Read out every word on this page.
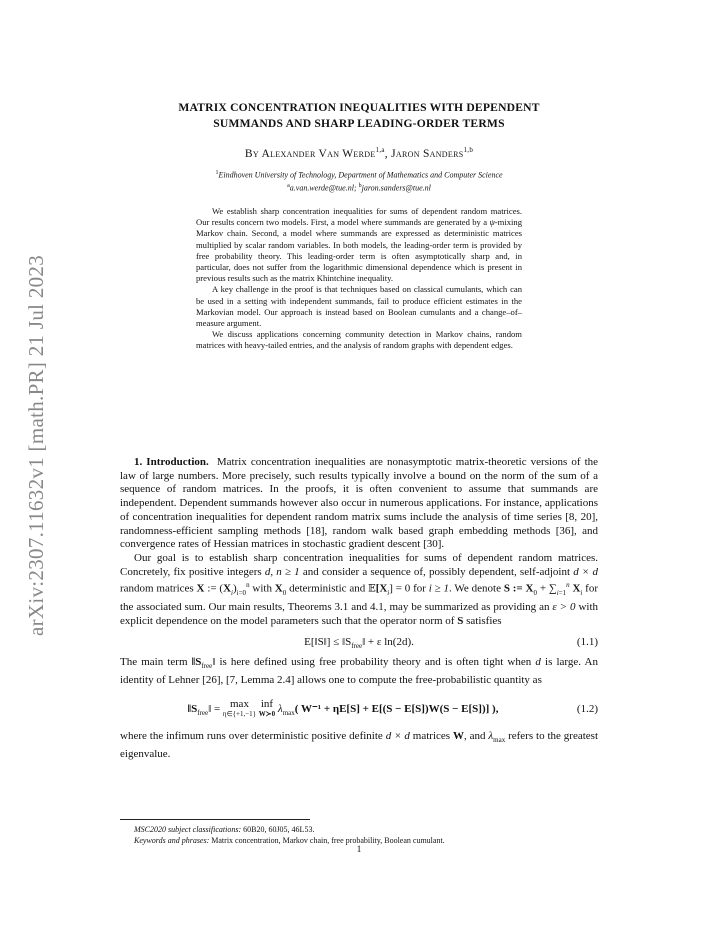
arXiv:2307.11632v1 [math.PR] 21 Jul 2023
MATRIX CONCENTRATION INEQUALITIES WITH DEPENDENT
SUMMANDS AND SHARP LEADING-ORDER TERMS
By Alexander Van Werde$^{1,a}$, Jaron Sanders$^{1,b}$
$^1$Eindhoven University of Technology, Department of Mathematics and Computer Science
$^a$a.van.werde@tue.nl; $^b$jaron.sanders@tue.nl

We establish sharp concentration inequalities for sums of dependent random matrices. Our results concern two models. First, a model where summands are generated by a ψ-mixing Markov chain. Second, a model where summands are expressed as deterministic matrices multiplied by scalar random variables. In both models, the leading-order term is provided by free probability theory. This leading-order term is often asymptotically sharp and, in particular, does not suffer from the logarithmic dimensional dependence which is present in previous results such as the matrix Khintchine inequality.

A key challenge in the proof is that techniques based on classical cumulants, which can be used in a setting with independent summands, fail to produce efficient estimates in the Markovian model. Our approach is instead based on Boolean cumulants and a change–of–measure argument.

We discuss applications concerning community detection in Markov chains, random matrices with heavy-tailed entries, and the analysis of random graphs with dependent edges.

1. Introduction. Matrix concentration inequalities are nonasymptotic matrix-theoretic versions of the law of large numbers. More precisely, such results typically involve a bound on the norm of the sum of a sequence of random matrices. In the proofs, it is often convenient to assume that summands are independent. Dependent summands however also occur in numerous applications. For instance, applications of concentration inequalities for dependent random matrix sums include the analysis of time series [8, 20], randomness-efficient sampling methods [18], random walk based graph embedding methods [36], and convergence rates of Hessian matrices in stochastic gradient descent [30].

Our goal is to establish sharp concentration inequalities for sums of dependent random matrices. Concretely, fix positive integers d, n ≥ 1 and consider a sequence of, possibly dependent, self-adjoint d × d random matrices X := $(X_i)_{i=0}^n$ with $X_0$ deterministic and $𝔼[X_i] = 0$ for i ≥ 1. We denote S := $X_0 + \sum_{i=1}^n$ $X_i$ for the associated sum. Our main results, Theorems 3.1 and 4.1, may be summarized as providing an ε > 0 with explicit dependence on the model parameters such that the operator norm of S satisfies

E[‖S‖] ≤ $‖S_{free}‖ + \varepsilon$ ln(2d).	(1.1)

The main term $‖S_{free}‖$ is here defined using free probability theory and is often tight when d is large. An identity of Lehner [26], [7, Lemma 2.4] allows one to compute the free-probabilistic quantity as

$‖S_{free}‖ = \max$
η∈{+1,−1}
inf
W≻0 $\lambda_{max}$( W⁻¹ + ηE[S] + E[(S − E[S])W(S − E[S])] ),	(1.2)

where the infimum runs over deterministic positive definite d × d matrices W, and $\lambda_{max}$ refers to the greatest eigenvalue.

MSC2020 subject classifications: 60B20, 60J05, 46L53.
Keywords and phrases: Matrix concentration, Markov chain, free probability, Boolean cumulant.
1
